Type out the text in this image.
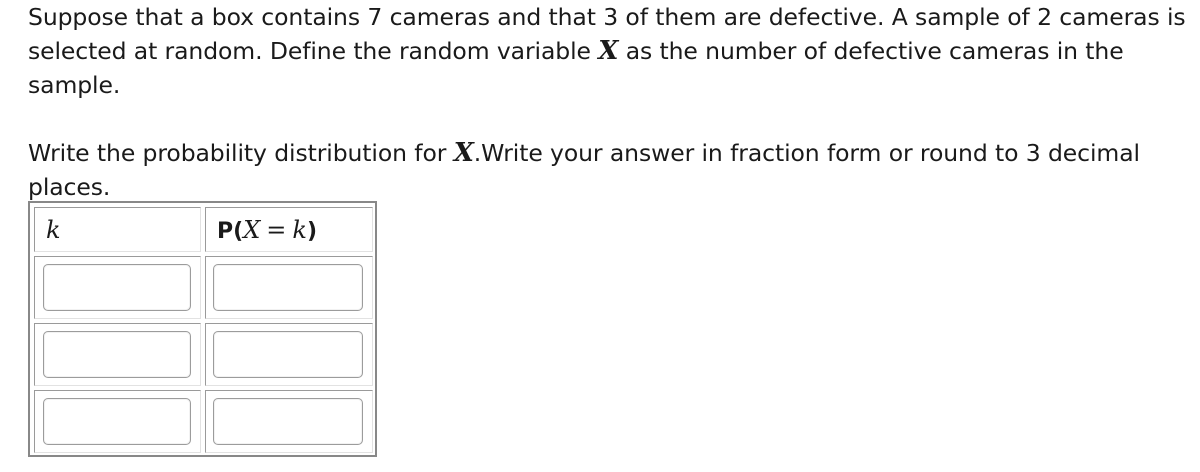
Suppose that a box contains 7 cameras and that 3 of them are defective. A sample of 2 cameras is selected at random. Define the random variable X as the number of defective cameras in the sample.

Write the probability distribution for X.Write your answer in fraction form or round to 3 decimal places.

k	P(X = k)
